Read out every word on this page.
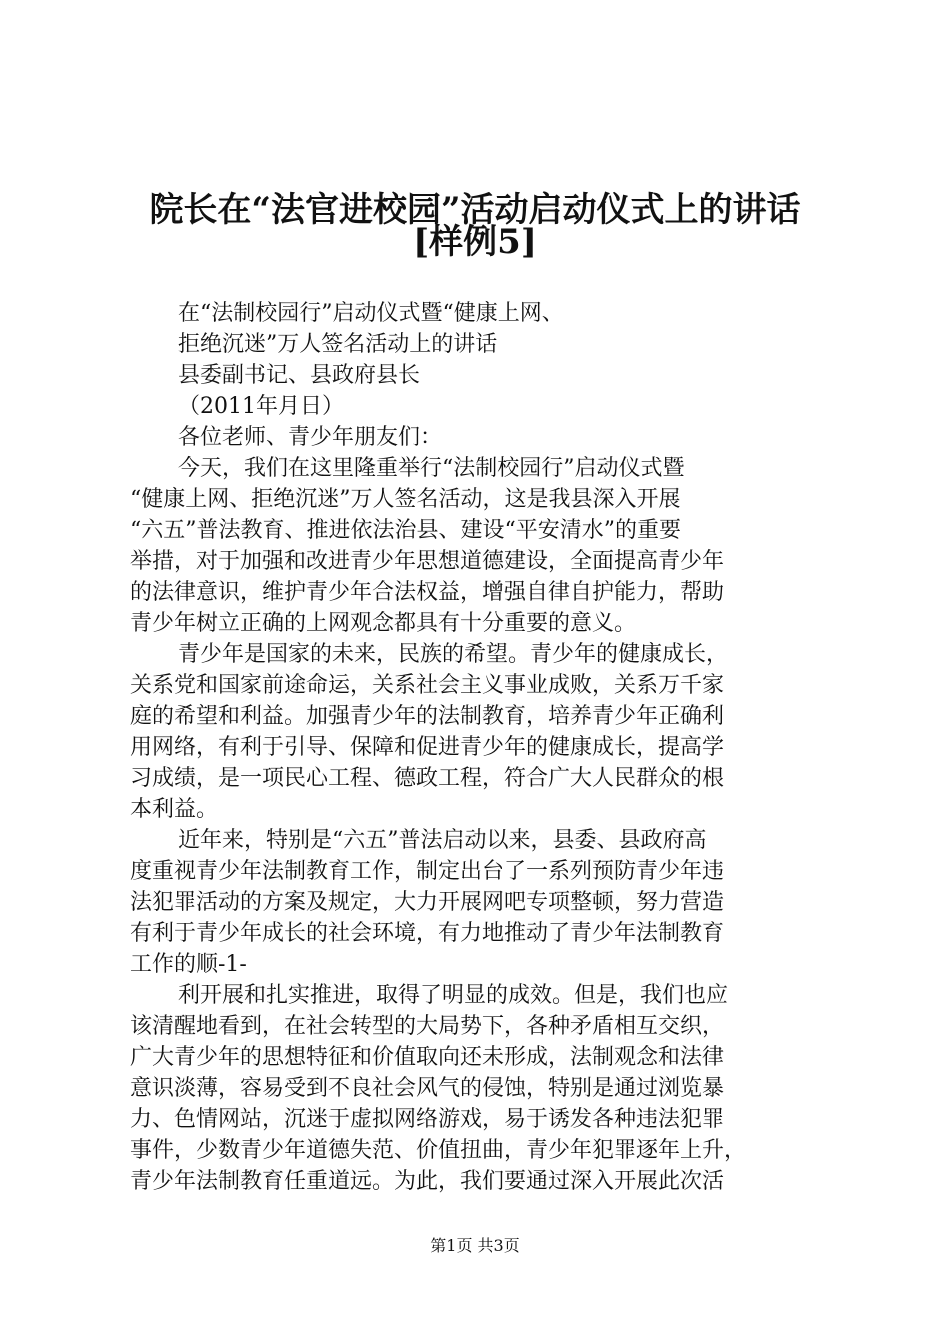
院长在“法官进校园”活动启动仪式上的讲话
[样例5]
在“法制校园行”启动仪式暨“健康上网、
拒绝沉迷”万人签名活动上的讲话
县委副书记、县政府县长
（2011年月日）
各位老师、青少年朋友们：
今天，我们在这里隆重举行“法制校园行”启动仪式暨
“健康上网、拒绝沉迷”万人签名活动，这是我县深入开展
“六五”普法教育、推进依法治县、建设“平安清水”的重要
举措，对于加强和改进青少年思想道德建设，全面提高青少年
的法律意识，维护青少年合法权益，增强自律自护能力，帮助
青少年树立正确的上网观念都具有十分重要的意义。
青少年是国家的未来，民族的希望。青少年的健康成长，
关系党和国家前途命运，关系社会主义事业成败，关系万千家
庭的希望和利益。加强青少年的法制教育，培养青少年正确利
用网络，有利于引导、保障和促进青少年的健康成长，提高学
习成绩，是一项民心工程、德政工程，符合广大人民群众的根
本利益。
近年来，特别是“六五”普法启动以来，县委、县政府高
度重视青少年法制教育工作，制定出台了一系列预防青少年违
法犯罪活动的方案及规定，大力开展网吧专项整顿，努力营造
有利于青少年成长的社会环境，有力地推动了青少年法制教育
工作的顺-1-
利开展和扎实推进，取得了明显的成效。但是，我们也应
该清醒地看到，在社会转型的大局势下，各种矛盾相互交织，
广大青少年的思想特征和价值取向还未形成，法制观念和法律
意识淡薄，容易受到不良社会风气的侵蚀，特别是通过浏览暴
力、色情网站，沉迷于虚拟网络游戏，易于诱发各种违法犯罪
事件，少数青少年道德失范、价值扭曲，青少年犯罪逐年上升，
青少年法制教育任重道远。为此，我们要通过深入开展此次活
第1页 共3页
